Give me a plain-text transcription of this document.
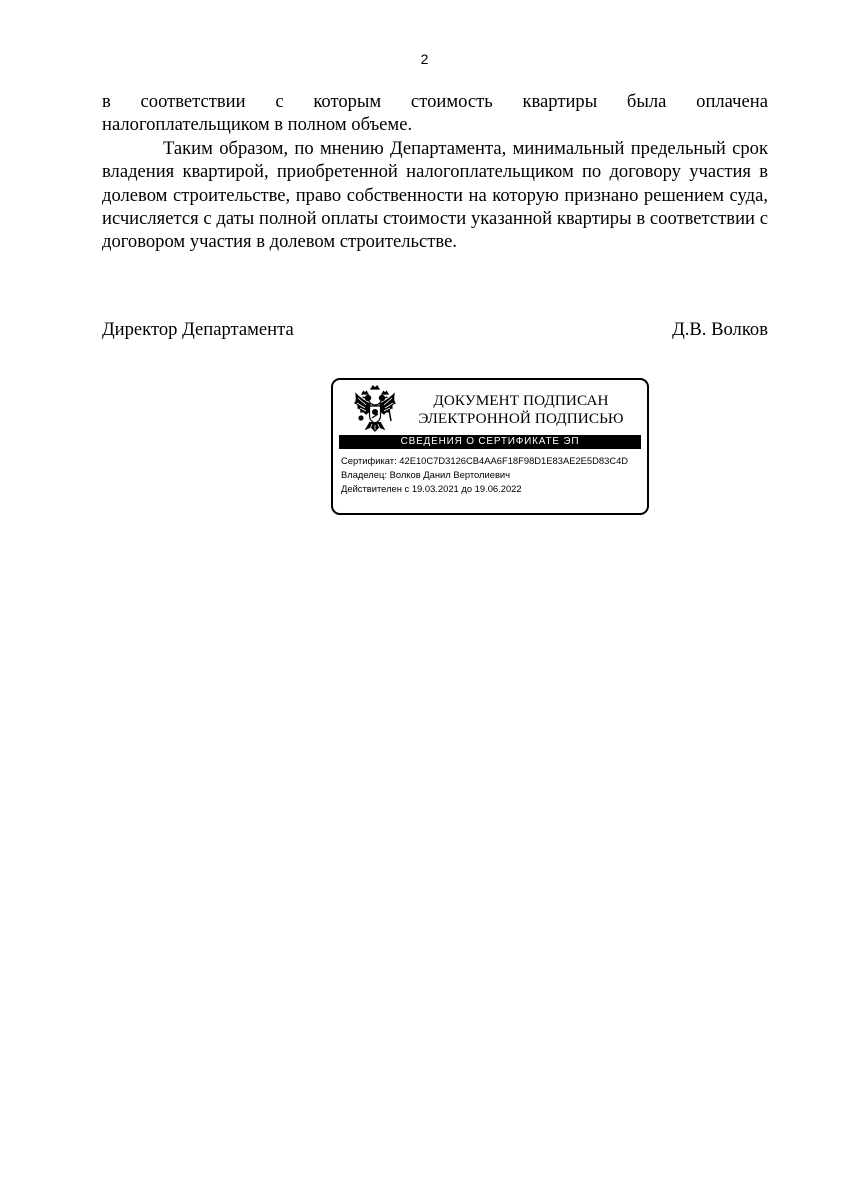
2

в соответствии с которым стоимость квартиры была оплачена
налогоплательщиком в полном объеме.

Таким образом, по мнению Департамента, минимальный предельный срок владения квартирой, приобретенной налогоплательщиком по договору участия в долевом строительстве, право собственности на которую признано решением суда, исчисляется с даты полной оплаты стоимости указанной квартиры в соответствии с договором участия в долевом строительстве.

Директор Департамента	Д.В. Волков
ДОКУМЕНТ ПОДПИСАН
ЭЛЕКТРОННОЙ ПОДПИСЬЮ
СВЕДЕНИЯ О СЕРТИФИКАТЕ ЭП
Сертификат: 42E10C7D3126CB4AA6F18F98D1E83AE2E5D83C4D
Владелец: Волков Данил Вертолиевич
Действителен с 19.03.2021 до 19.06.2022
